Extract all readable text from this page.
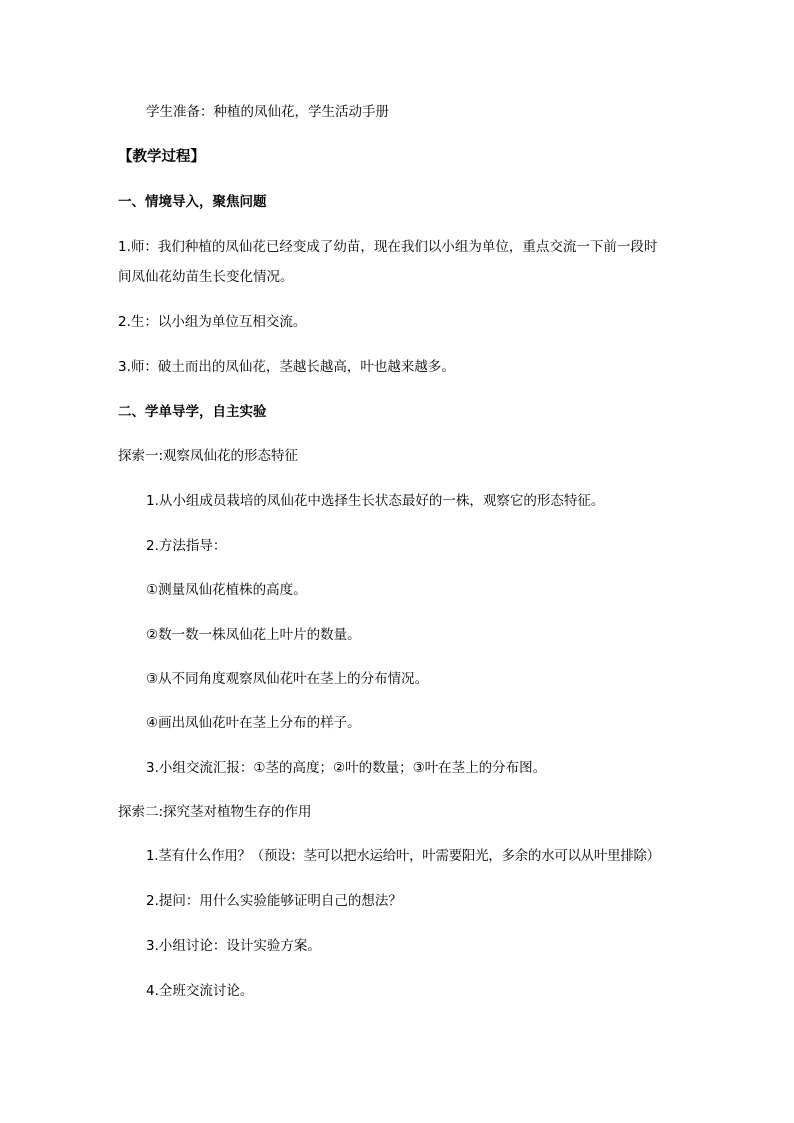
学生准备：种植的凤仙花，学生活动手册
【教学过程】
一、情境导入，聚焦问题
1.师：我们种植的凤仙花已经变成了幼苗，现在我们以小组为单位，重点交流一下前一段时
间凤仙花幼苗生长变化情况。
2.生：以小组为单位互相交流。
3.师：破土而出的凤仙花，茎越长越高，叶也越来越多。
二、学单导学，自主实验
探索一:观察凤仙花的形态特征
1.从小组成员栽培的凤仙花中选择生长状态最好的一株，观察它的形态特征。
2.方法指导：
①测量凤仙花植株的高度。
②数一数一株凤仙花上叶片的数量。
③从不同角度观察凤仙花叶在茎上的分布情况。
④画出凤仙花叶在茎上分布的样子。
3.小组交流汇报：①茎的高度；②叶的数量；③叶在茎上的分布图。
探索二:探究茎对植物生存的作用
1.茎有什么作用？（预设：茎可以把水运给叶，叶需要阳光，多余的水可以从叶里排除）
2.提问：用什么实验能够证明自己的想法？
3.小组讨论：设计实验方案。
4.全班交流讨论。
